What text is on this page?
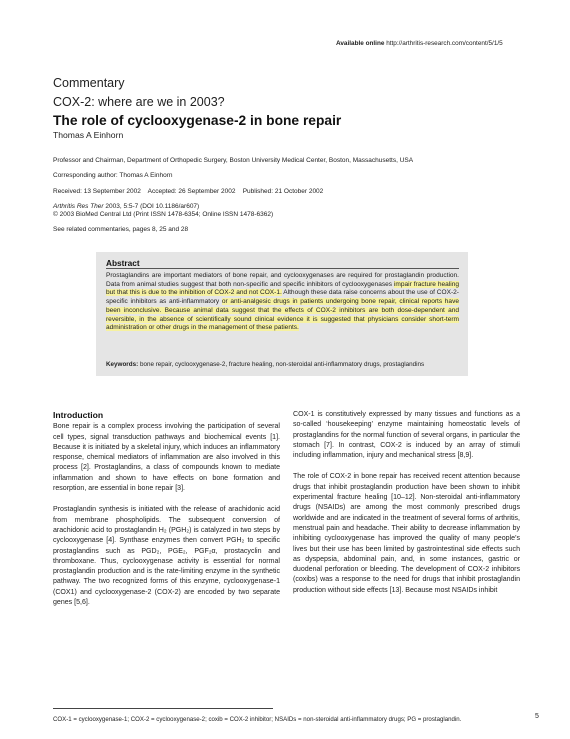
Available online http://arthritis-research.com/content/5/1/5
Commentary
COX-2: where are we in 2003?
The role of cyclooxygenase-2 in bone repair
Thomas A Einhorn
Professor and Chairman, Department of Orthopedic Surgery, Boston University Medical Center, Boston, Massachusetts, USA
Corresponding author: Thomas A Einhorn
Received: 13 September 2002    Accepted: 26 September 2002    Published: 21 October 2002
Arthritis Res Ther 2003, 5:5-7 (DOI 10.1186/ar607)
© 2003 BioMed Central Ltd (Print ISSN 1478-6354; Online ISSN 1478-6362)
See related commentaries, pages 8, 25 and 28
Abstract
Prostaglandins are important mediators of bone repair, and cyclooxygenases are required for prostaglandin production. Data from animal studies suggest that both non-specific and specific inhibitors of cyclooxygenases impair fracture healing but that this is due to the inhibition of COX-2 and not COX-1. Although these data raise concerns about the use of COX-2-specific inhibitors as anti-inflammatory or anti-analgesic drugs in patients undergoing bone repair, clinical reports have been inconclusive. Because animal data suggest that the effects of COX-2 inhibitors are both dose-dependent and reversible, in the absence of scientifically sound clinical evidence it is suggested that physicians consider short-term administration or other drugs in the management of these patients.
Keywords: bone repair, cyclooxygenase-2, fracture healing, non-steroidal anti-inflammatory drugs, prostaglandins
Introduction

Bone repair is a complex process involving the participation of several cell types, signal transduction pathways and biochemical events [1]. Because it is initiated by a skeletal injury, which induces an inflammatory response, chemical mediators of inflammation are also involved in this process [2]. Prostaglandins, a class of compounds known to mediate inflammation and shown to have effects on bone formation and resorption, are essential in bone repair [3].

Prostaglandin synthesis is initiated with the release of arachidonic acid from membrane phospholipids. The subsequent conversion of arachidonic acid to prostaglandin H₂ (PGH₂) is catalyzed in two steps by cyclooxygenase [4]. Synthase enzymes then convert PGH₂ to specific prostaglandins such as PGD₂, PGE₂, PGF₂α, prostacyclin and thromboxane. Thus, cyclooxygenase activity is essential for normal prostaglandin production and is the rate-limiting enzyme in the synthetic pathway. The two recognized forms of this enzyme, cyclooxygenase-1 (COX1) and cyclooxygenase-2 (COX-2) are encoded by two separate genes [5,6].

COX-1 is constitutively expressed by many tissues and functions as a so-called ‘housekeeping’ enzyme maintaining homeostatic levels of prostaglandins for the normal function of several organs, in particular the stomach [7]. In contrast, COX-2 is induced by an array of stimuli including inflammation, injury and mechanical stress [8,9].

The role of COX-2 in bone repair has received recent attention because drugs that inhibit prostaglandin production have been shown to inhibit experimental fracture healing [10–12]. Non-steroidal anti-inflammatory drugs (NSAIDs) are among the most commonly prescribed drugs worldwide and are indicated in the treatment of several forms of arthritis, menstrual pain and headache. Their ability to decrease inflammation by inhibiting cyclooxygenase has improved the quality of many people’s lives but their use has been limited by gastrointestinal side effects such as dyspepsia, abdominal pain, and, in some instances, gastric or duodenal perforation or bleeding. The development of COX-2 inhibitors (coxibs) was a response to the need for drugs that inhibit prostaglandin production without side effects [13]. Because most NSAIDs inhibit

COX-1 = cyclooxygenase-1; COX-2 = cyclooxygenase-2; coxib = COX-2 inhibitor; NSAIDs = non-steroidal anti-inflammatory drugs; PG = prostaglandin.	5
